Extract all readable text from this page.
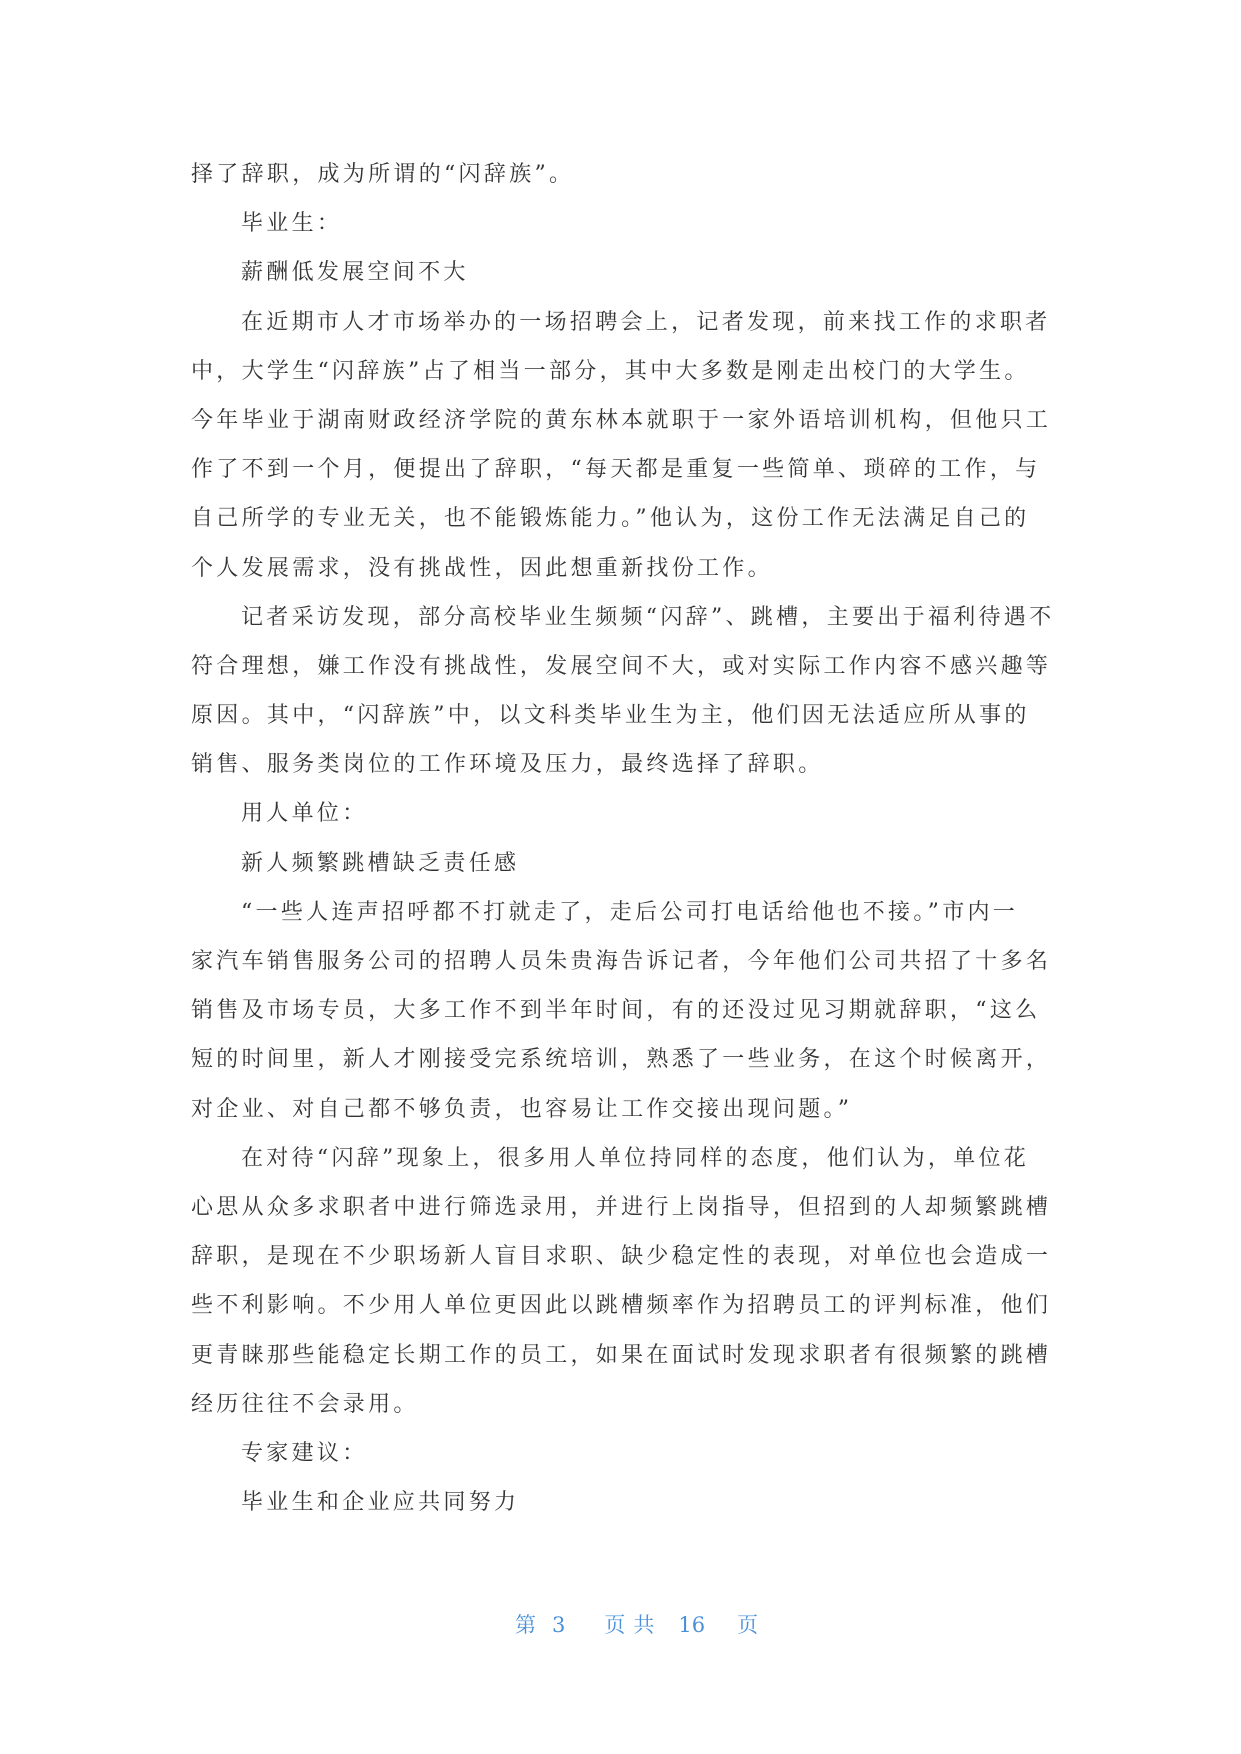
择了辞职，成为所谓的“闪辞族”。
毕业生：
薪酬低发展空间不大
在近期市人才市场举办的一场招聘会上，记者发现，前来找工作的求职者
中，大学生“闪辞族”占了相当一部分，其中大多数是刚走出校门的大学生。
今年毕业于湖南财政经济学院的黄东林本就职于一家外语培训机构，但他只工
作了不到一个月，便提出了辞职，“每天都是重复一些简单、琐碎的工作，与
自己所学的专业无关，也不能锻炼能力。”他认为，这份工作无法满足自己的
个人发展需求，没有挑战性，因此想重新找份工作。
记者采访发现，部分高校毕业生频频“闪辞”、跳槽，主要出于福利待遇不
符合理想，嫌工作没有挑战性，发展空间不大，或对实际工作内容不感兴趣等
原因。其中，“闪辞族”中，以文科类毕业生为主，他们因无法适应所从事的
销售、服务类岗位的工作环境及压力，最终选择了辞职。
用人单位：
新人频繁跳槽缺乏责任感
“一些人连声招呼都不打就走了，走后公司打电话给他也不接。”市内一
家汽车销售服务公司的招聘人员朱贵海告诉记者，今年他们公司共招了十多名
销售及市场专员，大多工作不到半年时间，有的还没过见习期就辞职，“这么
短的时间里，新人才刚接受完系统培训，熟悉了一些业务，在这个时候离开，
对企业、对自己都不够负责，也容易让工作交接出现问题。”
在对待“闪辞”现象上，很多用人单位持同样的态度，他们认为，单位花
心思从众多求职者中进行筛选录用，并进行上岗指导，但招到的人却频繁跳槽
辞职，是现在不少职场新人盲目求职、缺少稳定性的表现，对单位也会造成一
些不利影响。不少用人单位更因此以跳槽频率作为招聘员工的评判标准，他们
更青睐那些能稳定长期工作的员工，如果在面试时发现求职者有很频繁的跳槽
经历往往不会录用。
专家建议：
毕业生和企业应共同努力
第 3 页共 16 页
